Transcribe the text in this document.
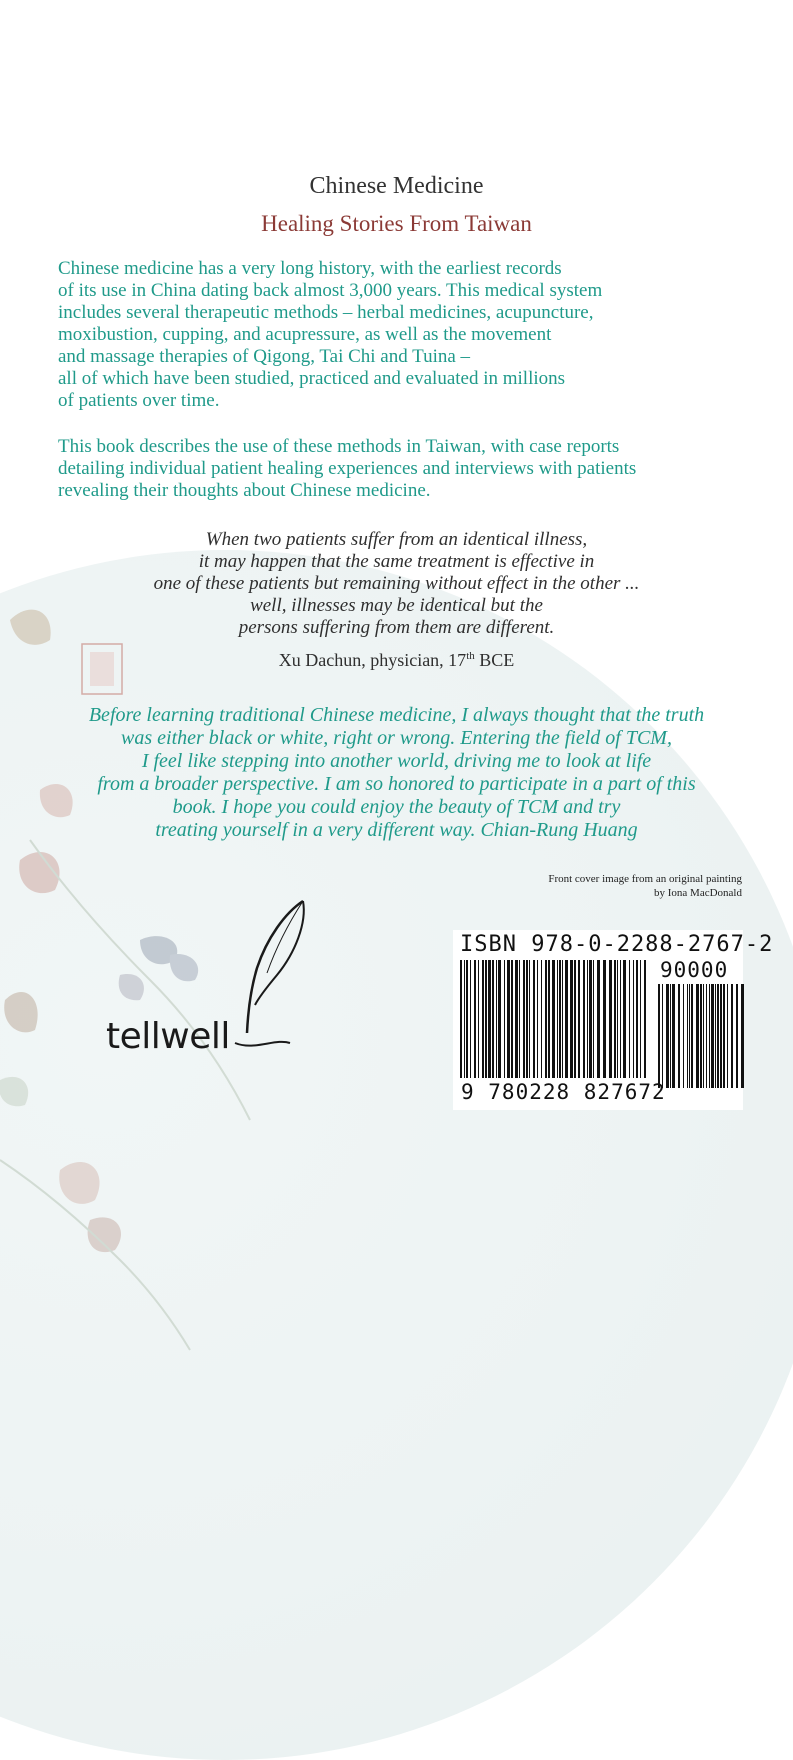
Chinese Medicine
Healing Stories From Taiwan

Chinese medicine has a very long history, with the earliest records
of its use in China dating back almost 3,000 years. This medical system
includes several therapeutic methods – herbal medicines, acupuncture,
moxibustion, cupping, and acupressure, as well as the movement
and massage therapies of Qigong, Tai Chi and Tuina –
all of which have been studied, practiced and evaluated in millions
of patients over time.

This book describes the use of these methods in Taiwan, with case reports
detailing individual patient healing experiences and interviews with patients
revealing their thoughts about Chinese medicine.

When two patients suffer from an identical illness,
it may happen that the same treatment is effective in
one of these patients but remaining without effect in the other ...
well, illnesses may be identical but the
persons suffering from them are different.

Xu Dachun, physician, 17th BCE

Before learning traditional Chinese medicine, I always thought that the truth
was either black or white, right or wrong. Entering the field of TCM,
I feel like stepping into another world, driving me to look at life
from a broader perspective. I am so honored to participate in a part of this
book. I hope you could enjoy the beauty of TCM and try
treating yourself in a very different way. Chian-Rung Huang

Front cover image from an original painting
by Iona MacDonald
tellwell
ISBN 978-0-2288-2767-2
90000
9 780228 827672
